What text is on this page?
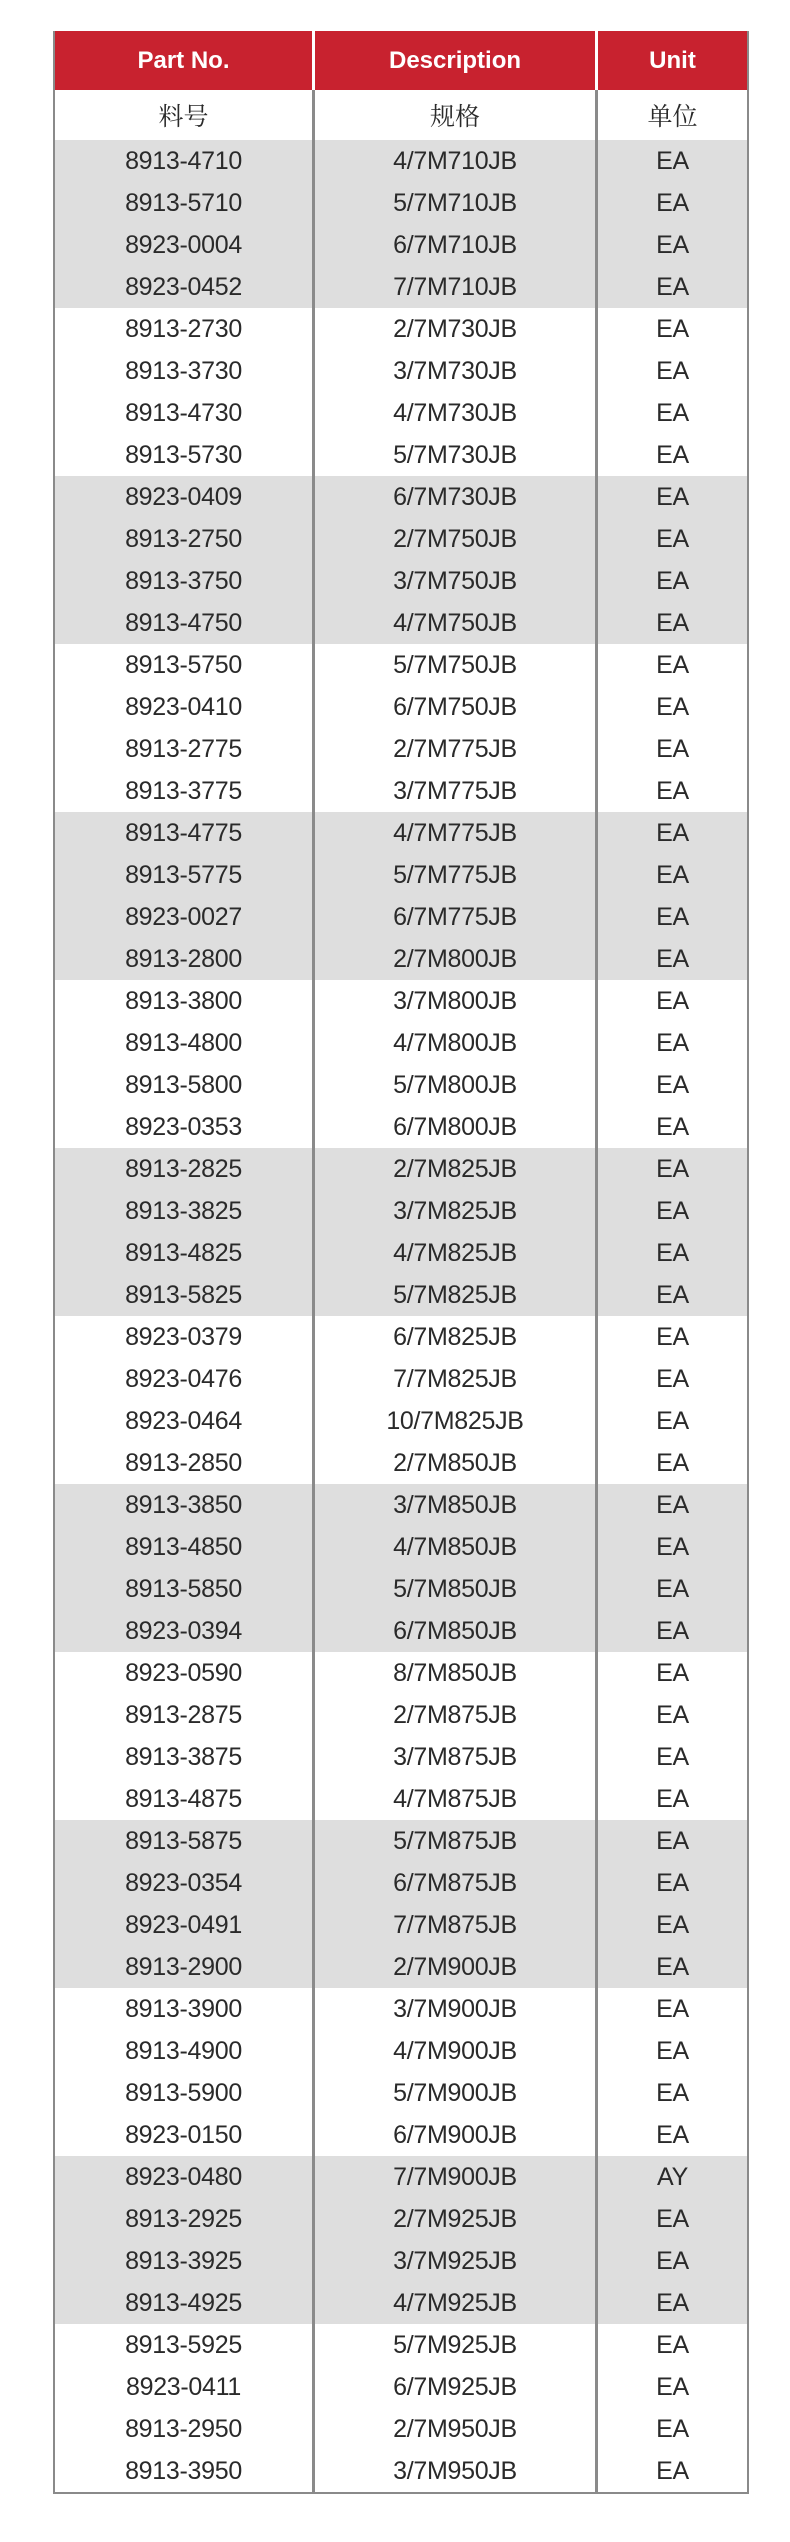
Part No.	Description	Unit
料号	规格	单位
8913-4710	4/7M710JB	EA
8913-5710	5/7M710JB	EA
8923-0004	6/7M710JB	EA
8923-0452	7/7M710JB	EA
8913-2730	2/7M730JB	EA
8913-3730	3/7M730JB	EA
8913-4730	4/7M730JB	EA
8913-5730	5/7M730JB	EA
8923-0409	6/7M730JB	EA
8913-2750	2/7M750JB	EA
8913-3750	3/7M750JB	EA
8913-4750	4/7M750JB	EA
8913-5750	5/7M750JB	EA
8923-0410	6/7M750JB	EA
8913-2775	2/7M775JB	EA
8913-3775	3/7M775JB	EA
8913-4775	4/7M775JB	EA
8913-5775	5/7M775JB	EA
8923-0027	6/7M775JB	EA
8913-2800	2/7M800JB	EA
8913-3800	3/7M800JB	EA
8913-4800	4/7M800JB	EA
8913-5800	5/7M800JB	EA
8923-0353	6/7M800JB	EA
8913-2825	2/7M825JB	EA
8913-3825	3/7M825JB	EA
8913-4825	4/7M825JB	EA
8913-5825	5/7M825JB	EA
8923-0379	6/7M825JB	EA
8923-0476	7/7M825JB	EA
8923-0464	10/7M825JB	EA
8913-2850	2/7M850JB	EA
8913-3850	3/7M850JB	EA
8913-4850	4/7M850JB	EA
8913-5850	5/7M850JB	EA
8923-0394	6/7M850JB	EA
8923-0590	8/7M850JB	EA
8913-2875	2/7M875JB	EA
8913-3875	3/7M875JB	EA
8913-4875	4/7M875JB	EA
8913-5875	5/7M875JB	EA
8923-0354	6/7M875JB	EA
8923-0491	7/7M875JB	EA
8913-2900	2/7M900JB	EA
8913-3900	3/7M900JB	EA
8913-4900	4/7M900JB	EA
8913-5900	5/7M900JB	EA
8923-0150	6/7M900JB	EA
8923-0480	7/7M900JB	AY
8913-2925	2/7M925JB	EA
8913-3925	3/7M925JB	EA
8913-4925	4/7M925JB	EA
8913-5925	5/7M925JB	EA
8923-0411	6/7M925JB	EA
8913-2950	2/7M950JB	EA
8913-3950	3/7M950JB	EA
